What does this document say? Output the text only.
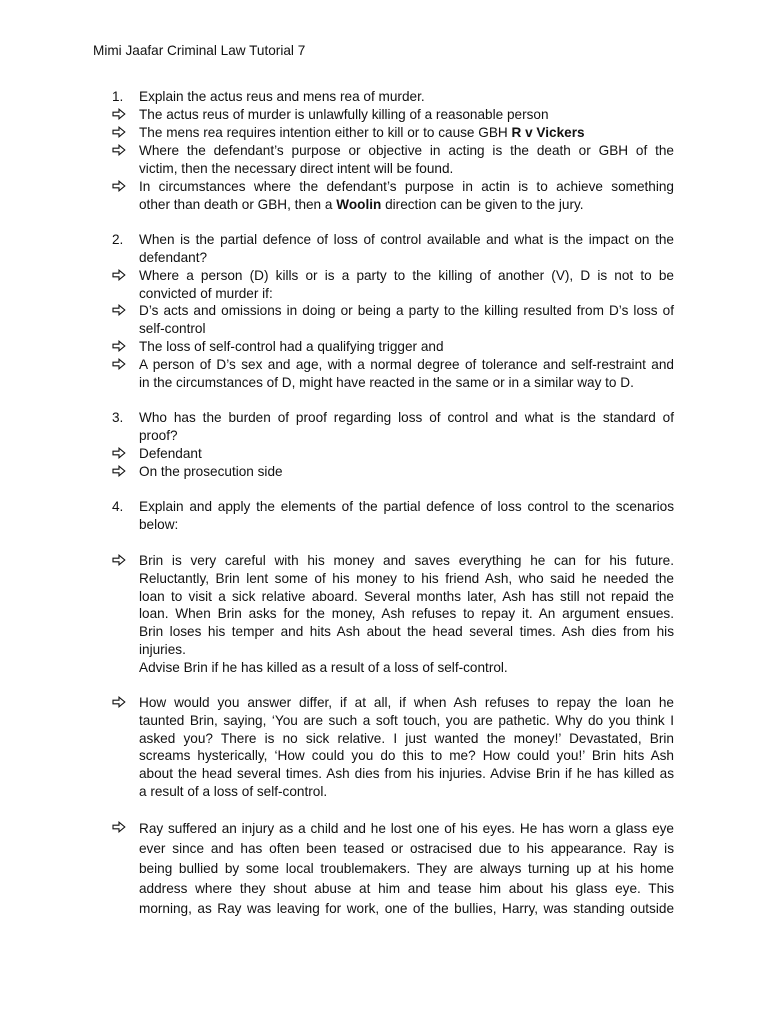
Mimi Jaafar Criminal Law Tutorial 7
1.	Explain the actus reus and mens rea of murder.
The actus reus of murder is unlawfully killing of a reasonable person
The mens rea requires intention either to kill or to cause GBH R v Vickers
Where the defendant’s purpose or objective in acting is the death or GBH of the
victim, then the necessary direct intent will be found.
In circumstances where the defendant’s purpose in actin is to achieve something
other than death or GBH, then a Woolin direction can be given to the jury.
2.	When is the partial defence of loss of control available and what is the impact on the
defendant?
Where a person (D) kills or is a party to the killing of another (V), D is not to be
convicted of murder if:
D’s acts and omissions in doing or being a party to the killing resulted from D’s loss of
self-control
The loss of self-control had a qualifying trigger and
A person of D’s sex and age, with a normal degree of tolerance and self-restraint and
in the circumstances of D, might have reacted in the same or in a similar way to D.
3.	Who has the burden of proof regarding loss of control and what is the standard of
proof?
Defendant
On the prosecution side
4.	Explain and apply the elements of the partial defence of loss control to the scenarios
below:
Brin is very careful with his money and saves everything he can for his future.
Reluctantly, Brin lent some of his money to his friend Ash, who said he needed the
loan to visit a sick relative aboard. Several months later, Ash has still not repaid the
loan. When Brin asks for the money, Ash refuses to repay it. An argument ensues.
Brin loses his temper and hits Ash about the head several times. Ash dies from his
injuries.
Advise Brin if he has killed as a result of a loss of self-control.
How would you answer differ, if at all, if when Ash refuses to repay the loan he
taunted Brin, saying, ‘You are such a soft touch, you are pathetic. Why do you think I
asked you? There is no sick relative. I just wanted the money!’ Devastated, Brin
screams hysterically, ‘How could you do this to me? How could you!’ Brin hits Ash
about the head several times. Ash dies from his injuries. Advise Brin if he has killed as
a result of a loss of self-control.
Ray suffered an injury as a child and he lost one of his eyes. He has worn a glass eye
ever since and has often been teased or ostracised due to his appearance. Ray is
being bullied by some local troublemakers. They are always turning up at his home
address where they shout abuse at him and tease him about his glass eye. This
morning, as Ray was leaving for work, one of the bullies, Harry, was standing outside
